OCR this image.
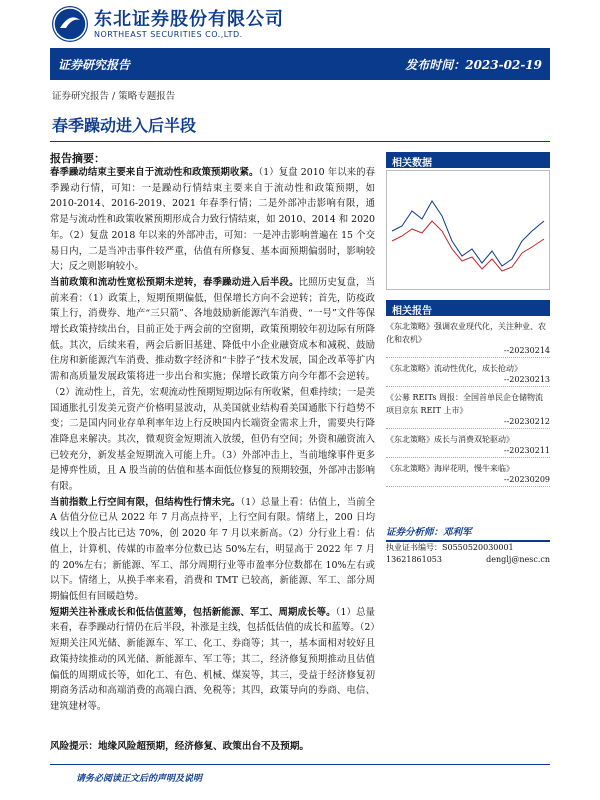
东北证券股份有限公司
NORTHEAST SECURITIES CO.,LTD.
证券研究报告	发布时间：2023-02-19
证券研究报告 / 策略专题报告
春季躁动进入后半段
报告摘要：

春季躁动结束主要来自于流动性和政策预期收紧。（1）复盘 2010 年以来的春季躁动行情，可知：一是躁动行情结束主要来自于流动性和政策预期，如 2010-2014、2016-2019、2021 年春季行情；二是外部冲击影响有限，通常是与流动性和政策收紧预期形成合力致行情结束，如 2010、2014 和 2020 年。（2）复盘 2018 年以来的外部冲击，可知：一是冲击影响普遍在 15 个交易日内，二是当冲击事件较严重，估值有所修复、基本面预期偏弱时，影响较大；反之则影响较小。

当前政策和流动性宽松预期未逆转，春季躁动进入后半段。比照历史复盘，当前来看：（1）政策上，短期预期偏低，但保增长方向不会逆转；首先，防疫政策上行，消费券、地产“三只箭”、各地鼓励新能源汽车消费、“一号”文件等保增长政策持续出台，目前正处于两会前的空窗期，政策预期较年初边际有所降低。其次，后续来看，两会后新旧基建、降低中小企业融资成本和减税、鼓励住房和新能源汽车消费、推动数字经济和“卡脖子”技术发展，国企改革等扩内需和高质量发展政策将进一步出台和实施；保增长政策方向今年都不会逆转。（2）流动性上，首先，宏观流动性预期短期边际有所收紧，但难持续；一是美国通胀扎引发美元资产价格明显波动，从美国就业结构看美国通胀下行趋势不变；二是国内同业存单利率年边上行反映国内长端资金需求上升，需要央行降准降息来解决。其次，微观资金短期流入放缓，但仍有空间；外资和融资流入已较充分，新发基金短期流入可能上升。（3）外部冲击上，当前地缘事件更多是博弈性质，且 A 股当前的估值和基本面低位修复的预期较强，外部冲击影响有限。

当前指数上行空间有限，但结构性行情未完。（1）总量上看：估值上，当前全 A 估值分位已从 2022 年 7 月高点持平，上行空间有限。情绪上，200 日均线以上个股占比已达 70%，创 2020 年 7 月以来新高。（2）分行业上看：估值上，计算机、传媒的市盈率分位数已达 50%左右，明显高于 2022 年 7 月的 20%左右；新能源、军工、部分周期行业等市盈率分位数都在 10%左右或以下。情绪上，从换手率来看，消费和 TMT 已较高，新能源、军工、部分周期偏低但有回暖趋势。

短期关注补涨成长和低估值蓝筹，包括新能源、军工、周期成长等。（1）总量来看，春季躁动行情仍在后半段，补涨是主线，包括低估值的成长和蓝筹。（2）短期关注风光储、新能源车、军工、化工、券商等；其一，基本面相对较好且政策持续推动的风光储、新能源车、军工等；其二，经济修复预期推动且估值偏低的周期成长等，如化工、有色、机械、煤炭等，其三，受益于经济修复初期商务活动和高端消费的高端白酒、免税等；其四，政策导向的券商、电信、建筑建材等。

风险提示：地缘风险超预期，经济修复、政策出台不及预期。
相关数据
相关报告
《东北策略》强调农业现代化，关注种业、农化和农机》
--20230214
《东北策略》流动性优化，成长抢动》
--20230213
《公募 REITs 周报：全国首单民企仓储物流项目京东 REIT 上市》
--20230212
《东北策略》成长与消费双轮驱动》
--20230211
《东北策略》海岸花明，慢牛来临》
--20230209
证券分析师：邓利军
执业证书编号：S0550520030001
13621861053	denglj@nesc.cn
请务必阅读正文后的声明及说明
